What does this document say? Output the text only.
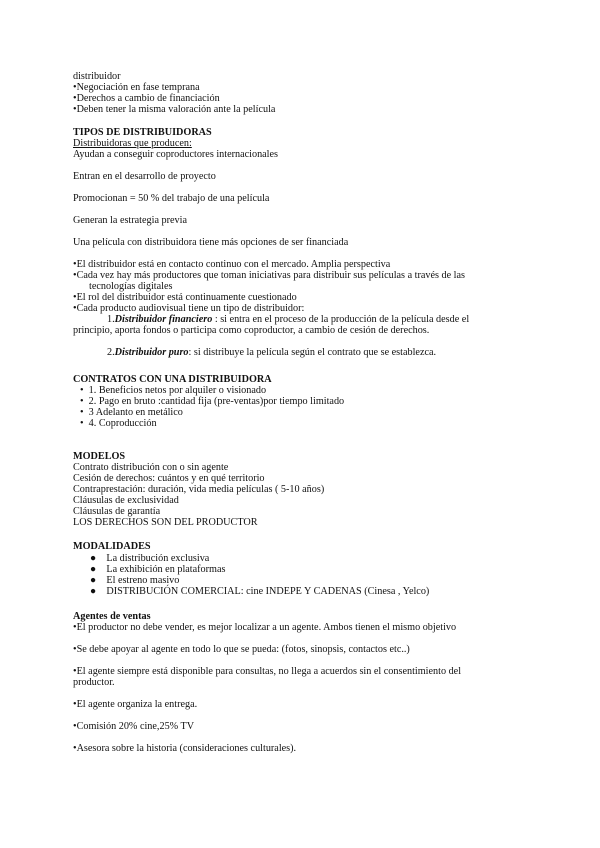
distribuidor
•Negociación en fase temprana
•Derechos a cambio de financiación
•Deben tener la misma valoración ante la película
TIPOS DE DISTRIBUIDORAS
Distribuidoras que producen:
Ayudan a conseguir coproductores internacionales
Entran en el desarrollo de proyecto
Promocionan = 50 % del trabajo de una película
Generan la estrategia previa
Una película con distribuidora tiene más opciones de ser financiada
•El distribuidor está en contacto continuo con el mercado. Amplia perspectiva
•Cada vez hay más productores que toman iniciativas para distribuir sus películas a través de las
tecnologías digitales
•El rol del distribuidor está continuamente cuestionado
•Cada producto audiovisual tiene un tipo de distribuidor:
1.Distribuidor financiero : si entra en el proceso de la producción de la película desde el
principio, aporta fondos o participa como coproductor, a cambio de cesión de derechos.
2.Distribuidor puro: si distribuye la película según el contrato que se establezca.
CONTRATOS CON UNA DISTRIBUIDORA
•  1. Beneficios netos por alquiler o visionado
•  2. Pago en bruto :cantidad fija (pre-ventas)por tiempo limitado
•  3 Adelanto en metálico
•  4. Coproducción
MODELOS
Contrato distribución con o sin agente
Cesión de derechos: cuántos y en qué territorio
Contraprestación: duración, vida media películas ( 5-10 años)
Cláusulas de exclusividad
Cláusulas de garantía
LOS DERECHOS SON DEL PRODUCTOR
MODALIDADES
●    La distribución exclusiva
●    La exhibición en plataformas
●    El estreno masivo
●    DISTRIBUCIÓN COMERCIAL: cine INDEPE Y CADENAS (Cinesa , Yelco)
Agentes de ventas
•El productor no debe vender, es mejor localizar a un agente. Ambos tienen el mismo objetivo
•Se debe apoyar al agente en todo lo que se pueda: (fotos, sinopsis, contactos etc..)
•El agente siempre está disponible para consultas, no llega a acuerdos sin el consentimiento del
productor.
•El agente organiza la entrega.
•Comisión 20% cine,25% TV
•Asesora sobre la historia (consideraciones culturales).
